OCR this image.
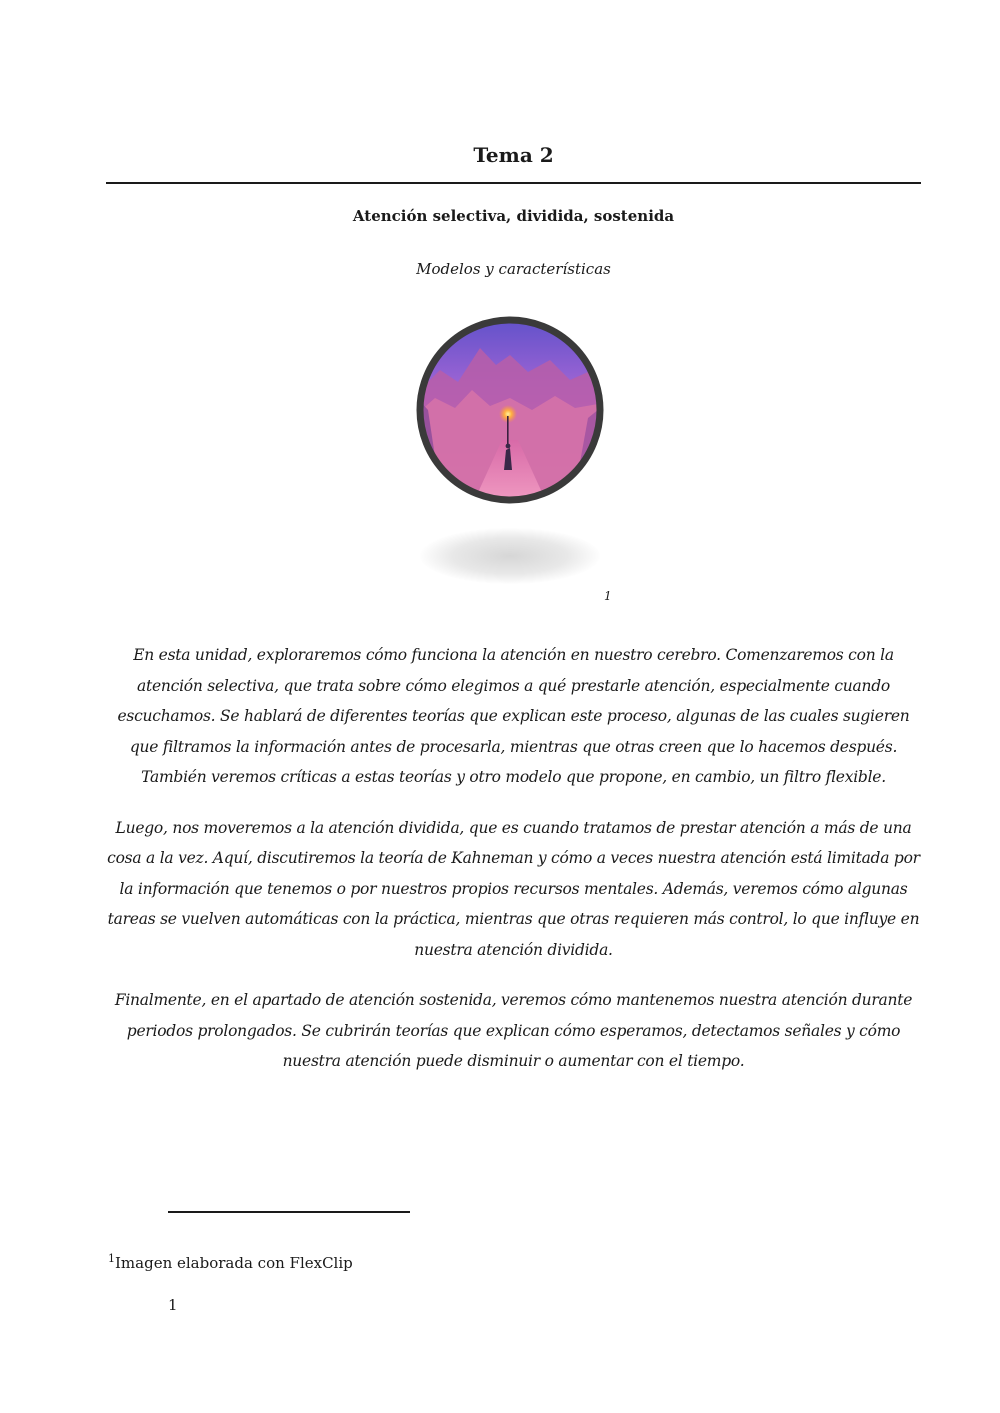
Tema 2
Atención selectiva, dividida, sostenida
Modelos y características
1

En esta unidad, exploraremos cómo funciona la atención en nuestro cerebro. Comenzaremos con la atención selectiva, que trata sobre cómo elegimos a qué prestarle atención, especialmente cuando escuchamos. Se hablará de diferentes teorías que explican este proceso, algunas de las cuales sugieren que filtramos la información antes de procesarla, mientras que otras creen que lo hacemos después. También veremos críticas a estas teorías y otro modelo que propone, en cambio, un filtro flexible.

Luego, nos moveremos a la atención dividida, que es cuando tratamos de prestar atención a más de una cosa a la vez. Aquí, discutiremos la teoría de Kahneman y cómo a veces nuestra atención está limitada por la información que tenemos o por nuestros propios recursos mentales. Además, veremos cómo algunas tareas se vuelven automáticas con la práctica, mientras que otras requieren más control, lo que influye en nuestra atención dividida.

Finalmente, en el apartado de atención sostenida, veremos cómo mantenemos nuestra atención durante periodos prolongados. Se cubrirán teorías que explican cómo esperamos, detectamos señales y cómo nuestra atención puede disminuir o aumentar con el tiempo.

$^1$Imagen elaborada con FlexClip
1
